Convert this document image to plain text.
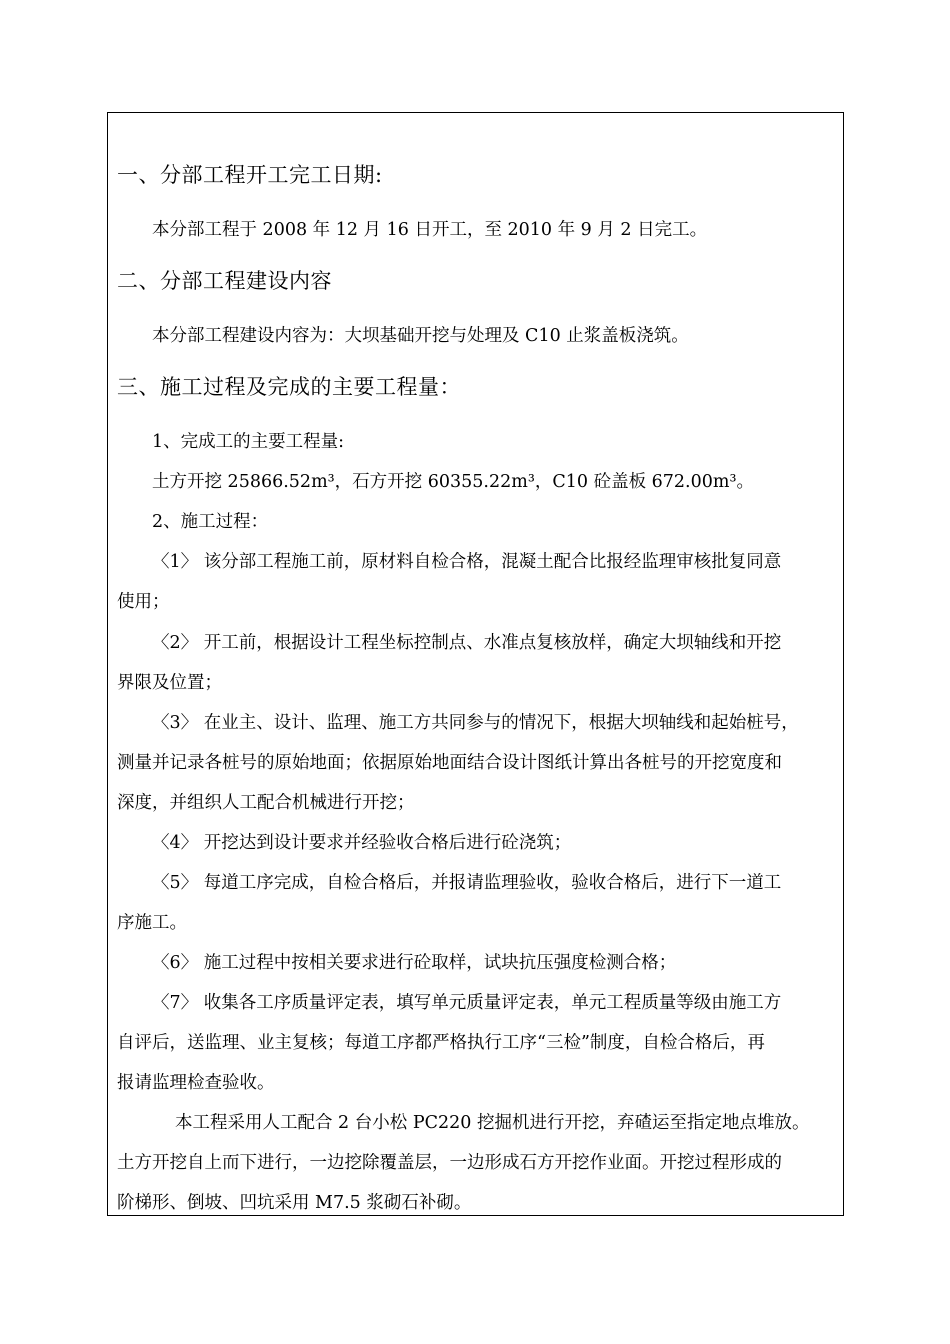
一、分部工程开工完工日期:
本分部工程于 2008 年 12 月 16 日开工，至 2010 年 9 月 2 日完工。
二、分部工程建设内容
本分部工程建设内容为：大坝基础开挖与处理及 C10 止浆盖板浇筑。
三、施工过程及完成的主要工程量：
1、完成工的主要工程量:
土方开挖 25866.52m³，石方开挖 60355.22m³，C10 砼盖板 672.00m³。
2、施工过程：
〈1〉 该分部工程施工前，原材料自检合格，混凝土配合比报经监理审核批复同意
使用；
〈2〉 开工前，根据设计工程坐标控制点、水准点复核放样，确定大坝轴线和开挖
界限及位置；
〈3〉 在业主、设计、监理、施工方共同参与的情况下，根据大坝轴线和起始桩号，
测量并记录各桩号的原始地面；依据原始地面结合设计图纸计算出各桩号的开挖宽度和
深度，并组织人工配合机械进行开挖；
〈4〉 开挖达到设计要求并经验收合格后进行砼浇筑；
〈5〉 每道工序完成，自检合格后，并报请监理验收，验收合格后，进行下一道工
序施工。
〈6〉 施工过程中按相关要求进行砼取样，试块抗压强度检测合格；
〈7〉 收集各工序质量评定表，填写单元质量评定表，单元工程质量等级由施工方
自评后，送监理、业主复核；每道工序都严格执行工序“三检”制度，自检合格后，再
报请监理检查验收。
本工程采用人工配合 2 台小松 PC220 挖掘机进行开挖，弃碴运至指定地点堆放。
土方开挖自上而下进行，一边挖除覆盖层，一边形成石方开挖作业面。开挖过程形成的
阶梯形、倒坡、凹坑采用 M7.5 浆砌石补砌。
